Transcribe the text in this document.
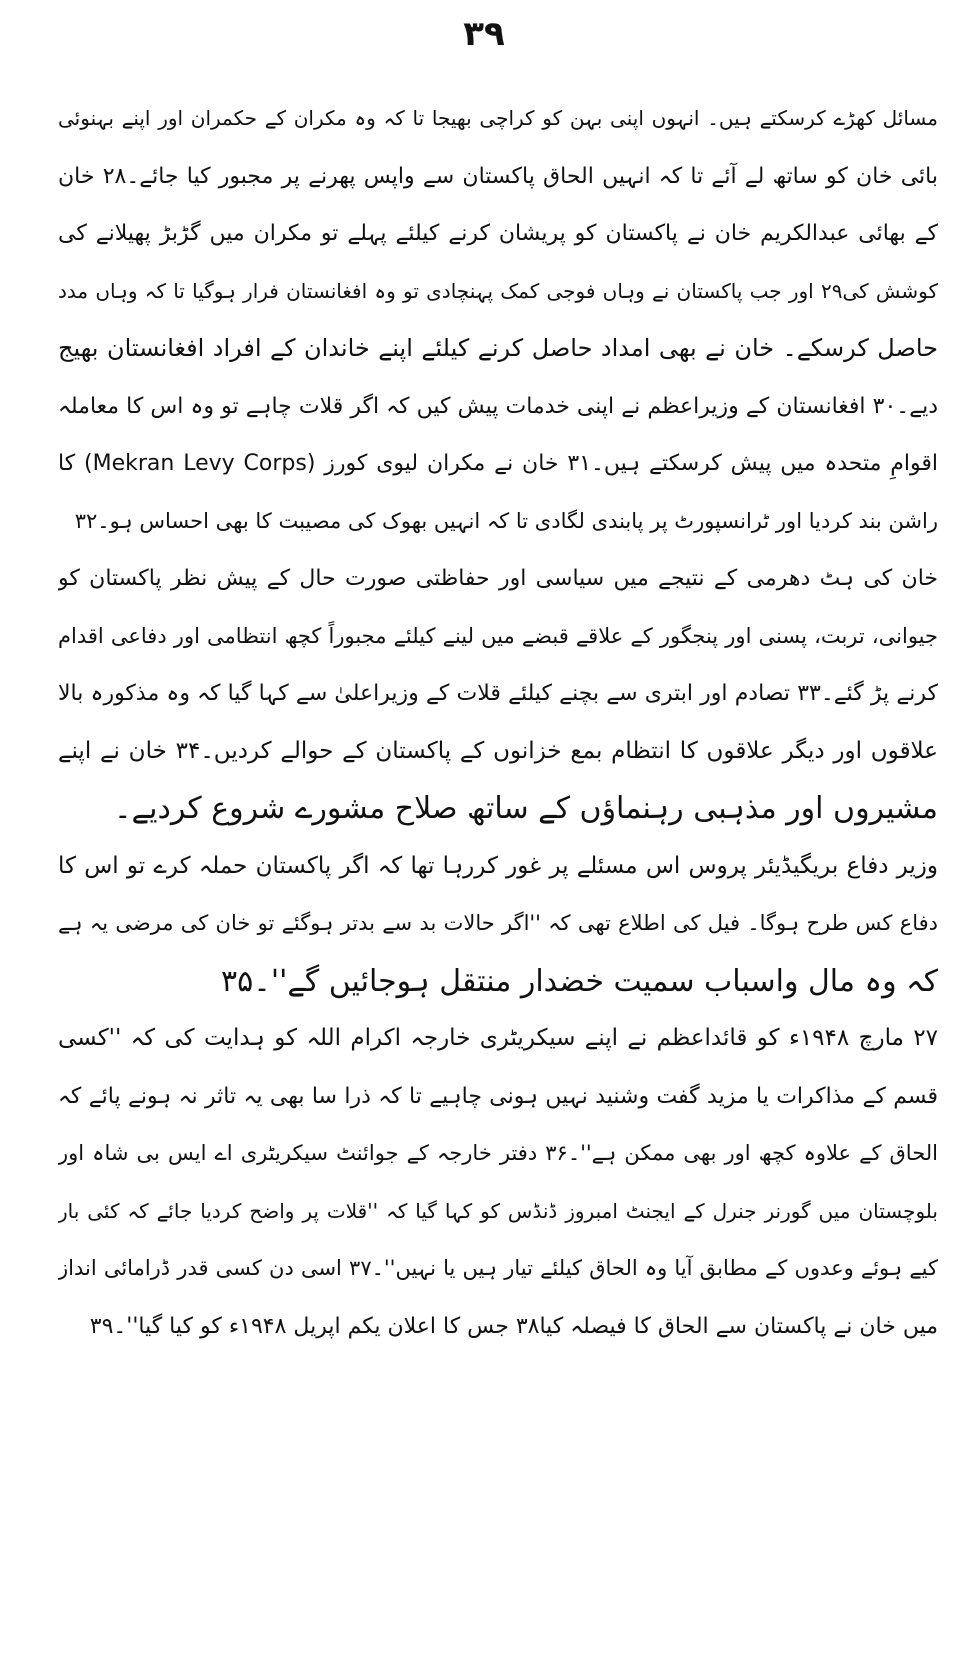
۳۹
مسائل کھڑے کرسکتے ہیں۔ انہوں اپنی بہن کو کراچی بھیجا تا کہ وہ مکران کے حکمران اور اپنے بہنوئی
بائی خان کو ساتھ لے آئے تا کہ انہیں الحاق پاکستان سے واپس پھرنے پر مجبور کیا جائے۔۲۸ خان
کے بھائی عبدالکریم خان نے پاکستان کو پریشان کرنے کیلئے پہلے تو مکران میں گڑبڑ پھیلانے کی
کوشش کی۲۹ اور جب پاکستان نے وہاں فوجی کمک پہنچادی تو وہ افغانستان فرار ہوگیا تا کہ وہاں مدد
حاصل کرسکے۔ خان نے بھی امداد حاصل کرنے کیلئے اپنے خاندان کے افراد افغانستان بھیج
دیے۔۳۰ افغانستان کے وزیراعظم نے اپنی خدمات پیش کیں کہ اگر قلات چاہے تو وہ اس کا معاملہ
اقوامِ متحدہ میں پیش کرسکتے ہیں۔۳۱ خان نے مکران لیوی کورز (Mekran Levy Corps) کا
راشن بند کردیا اور ٹرانسپورٹ پر پابندی لگادی تا کہ انہیں بھوک کی مصیبت کا بھی احساس ہو۔۳۲
خان کی ہٹ دھرمی کے نتیجے میں سیاسی اور حفاظتی صورت حال کے پیش نظر پاکستان کو
جیوانی، تربت، پسنی اور پنجگور کے علاقے قبضے میں لینے کیلئے مجبوراً کچھ انتظامی اور دفاعی اقدام
کرنے پڑ گئے۔۳۳ تصادم اور ابتری سے بچنے کیلئے قلات کے وزیراعلیٰ سے کہا گیا کہ وہ مذکورہ بالا
علاقوں اور دیگر علاقوں کا انتظام بمع خزانوں کے پاکستان کے حوالے کردیں۔۳۴ خان نے اپنے
مشیروں اور مذہبی رہنماؤں کے ساتھ صلاح مشورے شروع کردیے۔
وزیر دفاع بریگیڈیئر پروس اس مسئلے پر غور کررہا تھا کہ اگر پاکستان حملہ کرے تو اس کا
دفاع کس طرح ہوگا۔ فیل کی اطلاع تھی کہ ''اگر حالات بد سے بدتر ہوگئے تو خان کی مرضی یہ ہے
کہ وہ مال واسباب سمیت خضدار منتقل ہوجائیں گے''۔۳۵
۲۷ مارچ ۱۹۴۸ء کو قائداعظم نے اپنے سیکریٹری خارجہ اکرام اللہ کو ہدایت کی کہ ''کسی
قسم کے مذاکرات یا مزید گفت وشنید نہیں ہونی چاہیے تا کہ ذرا سا بھی یہ تاثر نہ ہونے پائے کہ
الحاق کے علاوہ کچھ اور بھی ممکن ہے''۔۳۶ دفتر خارجہ کے جوائنٹ سیکریٹری اے ایس بی شاہ اور
بلوچستان میں گورنر جنرل کے ایجنٹ امبروز ڈنڈس کو کہا گیا کہ ''قلات پر واضح کردیا جائے کہ کئی بار
کیے ہوئے وعدوں کے مطابق آیا وہ الحاق کیلئے تیار ہیں یا نہیں''۔۳۷ اسی دن کسی قدر ڈرامائی انداز
میں خان نے پاکستان سے الحاق کا فیصلہ کیا۳۸ جس کا اعلان یکم اپریل ۱۹۴۸ء کو کیا گیا''۔۳۹
